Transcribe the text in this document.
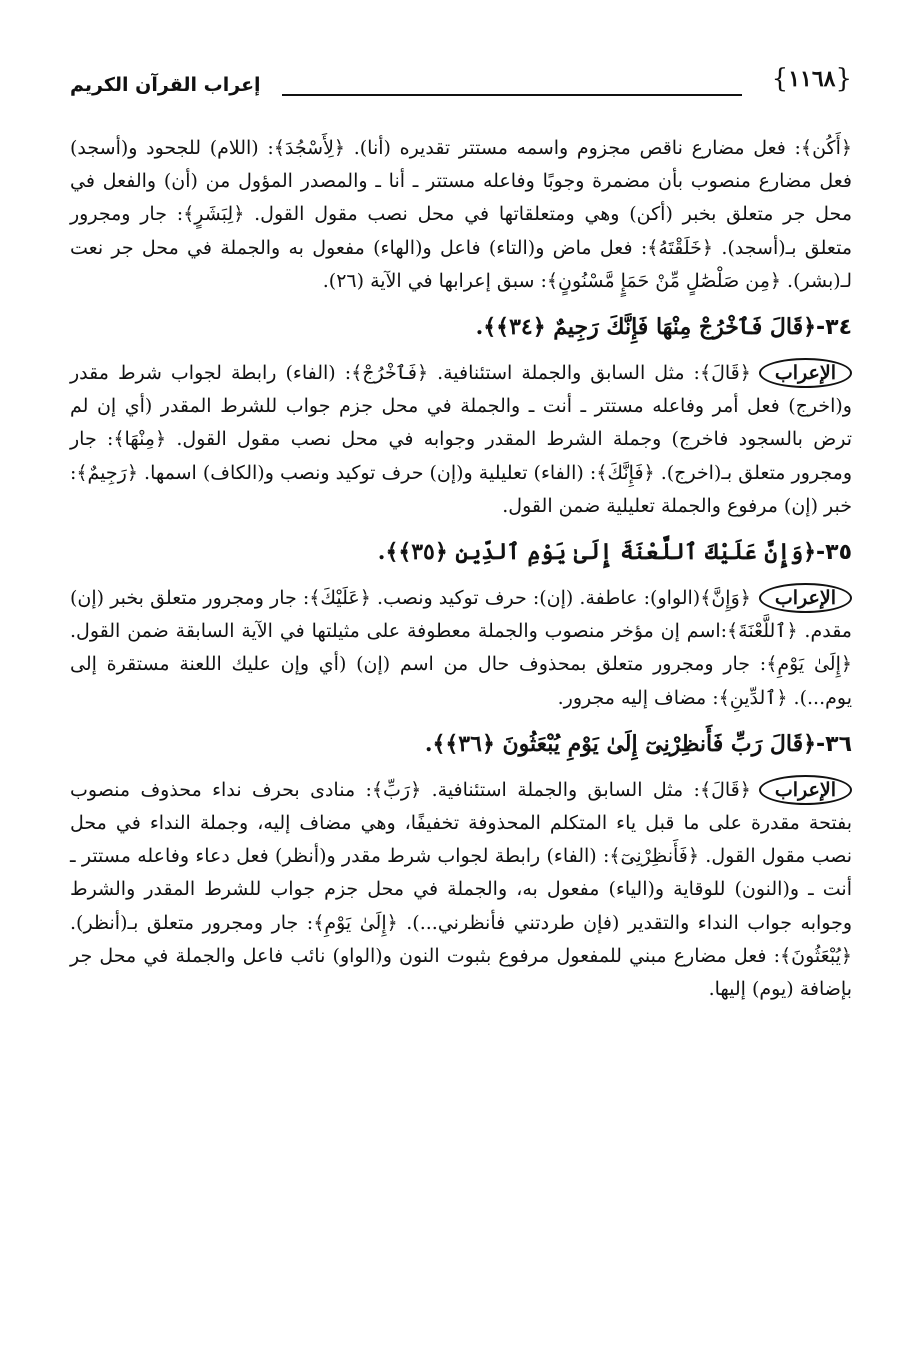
{١١٦٨}
إعراب القرآن الكريم

﴿أَكُن﴾: فعل مضارع ناقص مجزوم واسمه مستتر تقديره (أنا). ﴿لِأَسْجُدَ﴾: (اللام) للجحود و(أسجد) فعل مضارع منصوب بأن مضمرة وجوبًا وفاعله مستتر ـ أنا ـ والمصدر المؤول من (أن) والفعل في محل جر متعلق بخبر (أكن) وهي ومتعلقاتها في محل نصب مقول القول. ﴿لِبَشَرٍ﴾: جار ومجرور متعلق بـ(أسجد). ﴿خَلَقْتَهُ﴾: فعل ماض و(التاء) فاعل و(الهاء) مفعول به والجملة في محل جر نعت لـ(بشر). ﴿مِن صَلْصَٰلٍ مِّنْ حَمَإٍ مَّسْنُونٍ﴾: سبق إعرابها في الآية (٢٦).

٣٤-﴿قَالَ فَٱخْرُجْ مِنْهَا فَإِنَّكَ رَجِيمٌ ﴿٣٤﴾﴾.

الإعراب﴿قَالَ﴾: مثل السابق والجملة استئنافية. ﴿فَٱخْرُجْ﴾: (الفاء) رابطة لجواب شرط مقدر و(اخرج) فعل أمر وفاعله مستتر ـ أنت ـ والجملة في محل جزم جواب للشرط المقدر (أي إن لم ترض بالسجود فاخرج) وجملة الشرط المقدر وجوابه في محل نصب مقول القول. ﴿مِنْهَا﴾: جار ومجرور متعلق بـ(اخرج). ﴿فَإِنَّكَ﴾: (الفاء) تعليلية و(إن) حرف توكيد ونصب و(الكاف) اسمها. ﴿رَجِيمٌ﴾: خبر (إن) مرفوع والجملة تعليلية ضمن القول.

٣٥-﴿وَإِنَّ عَلَيْكَ ٱللَّعْنَةَ إِلَىٰ يَوْمِ ٱلدِّينِ ﴿٣٥﴾﴾.

الإعراب﴿وَإِنَّ﴾(الواو): عاطفة. (إن): حرف توكيد ونصب. ﴿عَلَيْكَ﴾: جار ومجرور متعلق بخبر (إن) مقدم. ﴿ٱللَّعْنَةَ﴾:اسم إن مؤخر منصوب والجملة معطوفة على مثيلتها في الآية السابقة ضمن القول. ﴿إِلَىٰ يَوْمِ﴾: جار ومجرور متعلق بمحذوف حال من اسم (إن) (أي وإن عليك اللعنة مستقرة إلى يوم...). ﴿ٱلدِّينِ﴾: مضاف إليه مجرور.

٣٦-﴿قَالَ رَبِّ فَأَنظِرْنِىٓ إِلَىٰ يَوْمِ يُبْعَثُونَ ﴿٣٦﴾﴾.

الإعراب﴿قَالَ﴾: مثل السابق والجملة استئنافية. ﴿رَبِّ﴾: منادى بحرف نداء محذوف منصوب بفتحة مقدرة على ما قبل ياء المتكلم المحذوفة تخفيفًا، وهي مضاف إليه، وجملة النداء في محل نصب مقول القول. ﴿فَأَنظِرْنِىٓ﴾: (الفاء) رابطة لجواب شرط مقدر و(أنظر) فعل دعاء وفاعله مستتر ـ أنت ـ و(النون) للوقاية و(الياء) مفعول به، والجملة في محل جزم جواب للشرط المقدر والشرط وجوابه جواب النداء والتقدير (فإن طردتني فأنظرني...). ﴿إِلَىٰ يَوْمِ﴾: جار ومجرور متعلق بـ(أنظر). ﴿يُبْعَثُونَ﴾: فعل مضارع مبني للمفعول مرفوع بثبوت النون و(الواو) نائب فاعل والجملة في محل جر بإضافة (يوم) إليها.
